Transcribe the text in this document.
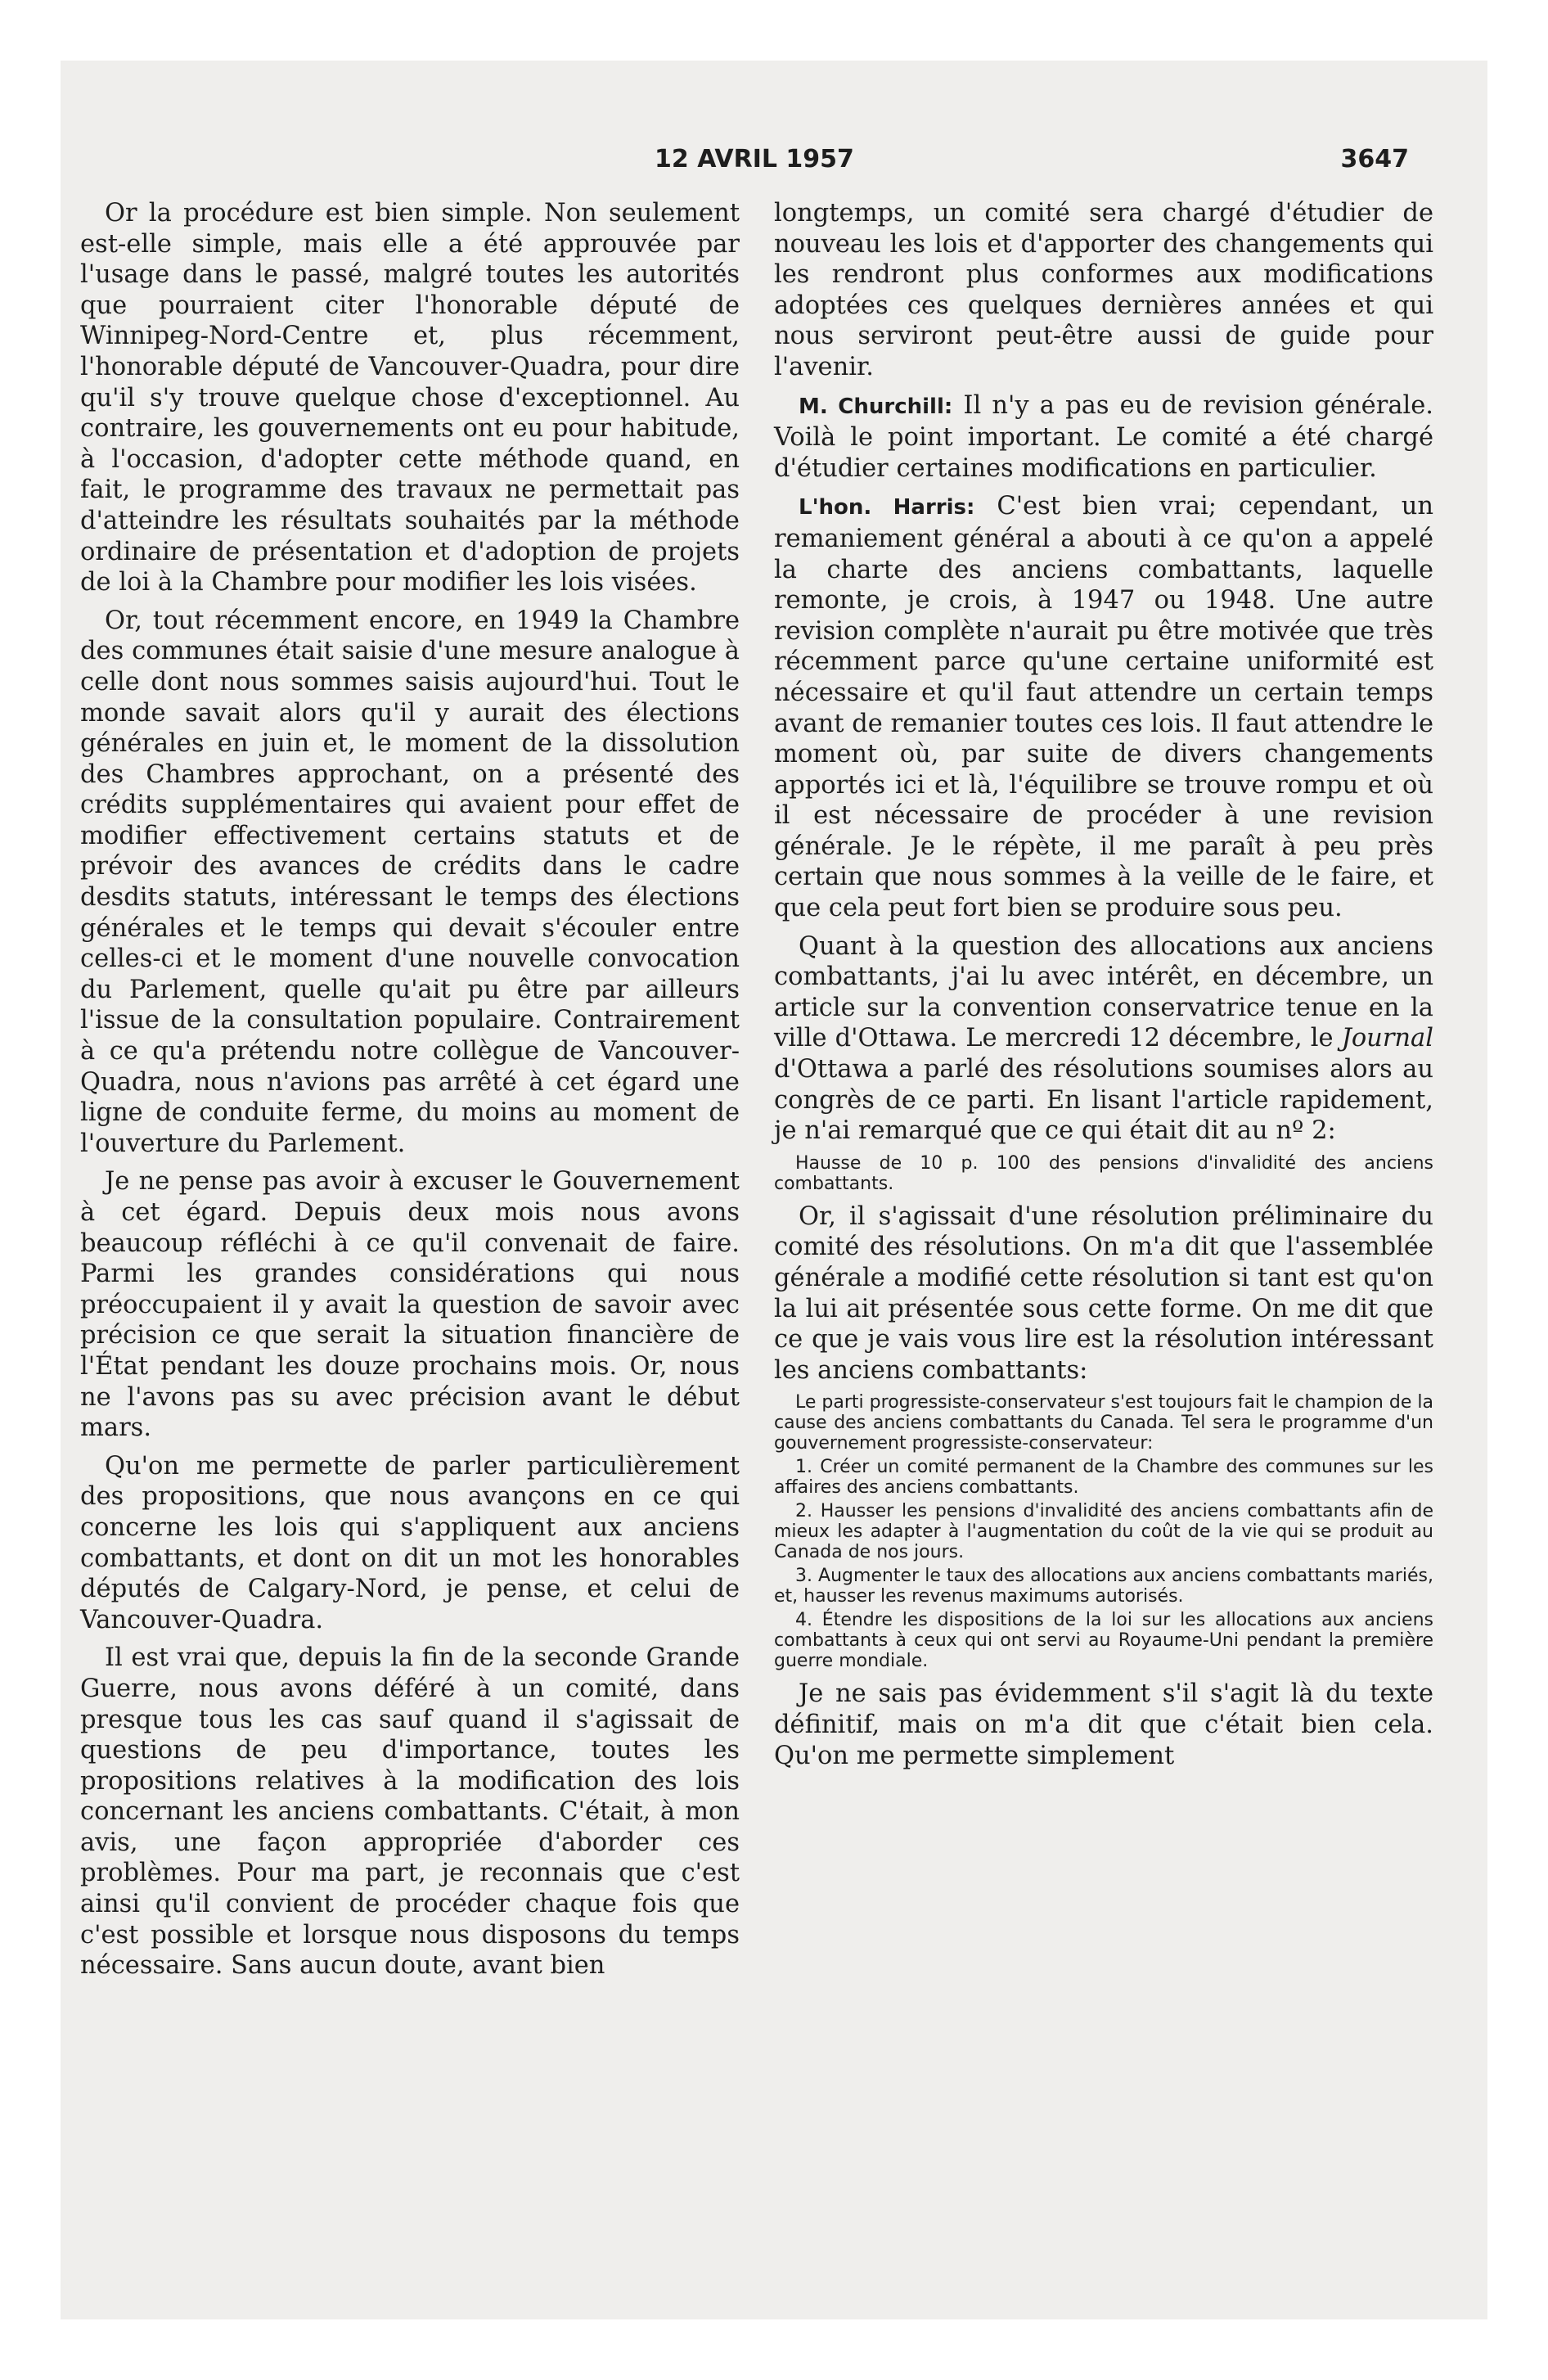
12 AVRIL 1957	3647

Or la procédure est bien simple. Non seulement est-elle simple, mais elle a été approuvée par l'usage dans le passé, malgré toutes les autorités que pourraient citer l'honorable député de Winnipeg-Nord-Centre et, plus récemment, l'honorable député de Vancouver-Quadra, pour dire qu'il s'y trouve quelque chose d'exceptionnel. Au contraire, les gouvernements ont eu pour habitude, à l'occasion, d'adopter cette méthode quand, en fait, le programme des travaux ne permettait pas d'atteindre les résultats souhaités par la méthode ordinaire de présentation et d'adoption de projets de loi à la Chambre pour modifier les lois visées.

Or, tout récemment encore, en 1949 la Chambre des communes était saisie d'une mesure analogue à celle dont nous sommes saisis aujourd'hui. Tout le monde savait alors qu'il y aurait des élections générales en juin et, le moment de la dissolution des Chambres approchant, on a présenté des crédits supplémentaires qui avaient pour effet de modifier effectivement certains statuts et de prévoir des avances de crédits dans le cadre desdits statuts, intéressant le temps des élections générales et le temps qui devait s'écouler entre celles-ci et le moment d'une nouvelle convocation du Parlement, quelle qu'ait pu être par ailleurs l'issue de la consultation populaire. Contrairement à ce qu'a prétendu notre collègue de Vancouver-Quadra, nous n'avions pas arrêté à cet égard une ligne de conduite ferme, du moins au moment de l'ouverture du Parlement.

Je ne pense pas avoir à excuser le Gouvernement à cet égard. Depuis deux mois nous avons beaucoup réfléchi à ce qu'il convenait de faire. Parmi les grandes considérations qui nous préoccupaient il y avait la question de savoir avec précision ce que serait la situation financière de l'État pendant les douze prochains mois. Or, nous ne l'avons pas su avec précision avant le début mars.

Qu'on me permette de parler particulièrement des propositions, que nous avançons en ce qui concerne les lois qui s'appliquent aux anciens combattants, et dont on dit un mot les honorables députés de Calgary-Nord, je pense, et celui de Vancouver-Quadra.

Il est vrai que, depuis la fin de la seconde Grande Guerre, nous avons déféré à un comité, dans presque tous les cas sauf quand il s'agissait de questions de peu d'importance, toutes les propositions relatives à la modification des lois concernant les anciens combattants. C'était, à mon avis, une façon appropriée d'aborder ces problèmes. Pour ma part, je reconnais que c'est ainsi qu'il convient de procéder chaque fois que c'est possible et lorsque nous disposons du temps nécessaire. Sans aucun doute, avant bien

longtemps, un comité sera chargé d'étudier de nouveau les lois et d'apporter des changements qui les rendront plus conformes aux modifications adoptées ces quelques dernières années et qui nous serviront peut-être aussi de guide pour l'avenir.

M. Churchill: Il n'y a pas eu de revision générale. Voilà le point important. Le comité a été chargé d'étudier certaines modifications en particulier.

L'hon. Harris: C'est bien vrai; cependant, un remaniement général a abouti à ce qu'on a appelé la charte des anciens combattants, laquelle remonte, je crois, à 1947 ou 1948. Une autre revision complète n'aurait pu être motivée que très récemment parce qu'une certaine uniformité est nécessaire et qu'il faut attendre un certain temps avant de remanier toutes ces lois. Il faut attendre le moment où, par suite de divers changements apportés ici et là, l'équilibre se trouve rompu et où il est nécessaire de procéder à une revision générale. Je le répète, il me paraît à peu près certain que nous sommes à la veille de le faire, et que cela peut fort bien se produire sous peu.

Quant à la question des allocations aux anciens combattants, j'ai lu avec intérêt, en décembre, un article sur la convention conservatrice tenue en la ville d'Ottawa. Le mercredi 12 décembre, le Journal d'Ottawa a parlé des résolutions soumises alors au congrès de ce parti. En lisant l'article rapidement, je n'ai remarqué que ce qui était dit au nº 2:

Hausse de 10 p. 100 des pensions d'invalidité des anciens combattants.

Or, il s'agissait d'une résolution préliminaire du comité des résolutions. On m'a dit que l'assemblée générale a modifié cette résolution si tant est qu'on la lui ait présentée sous cette forme. On me dit que ce que je vais vous lire est la résolution intéressant les anciens combattants:

Le parti progressiste-conservateur s'est toujours fait le champion de la cause des anciens combattants du Canada. Tel sera le programme d'un gouvernement progressiste-conservateur:

1. Créer un comité permanent de la Chambre des communes sur les affaires des anciens combattants.

2. Hausser les pensions d'invalidité des anciens combattants afin de mieux les adapter à l'augmentation du coût de la vie qui se produit au Canada de nos jours.

3. Augmenter le taux des allocations aux anciens combattants mariés, et, hausser les revenus maximums autorisés.

4. Étendre les dispositions de la loi sur les allocations aux anciens combattants à ceux qui ont servi au Royaume-Uni pendant la première guerre mondiale.

Je ne sais pas évidemment s'il s'agit là du texte définitif, mais on m'a dit que c'était bien cela. Qu'on me permette simplement
